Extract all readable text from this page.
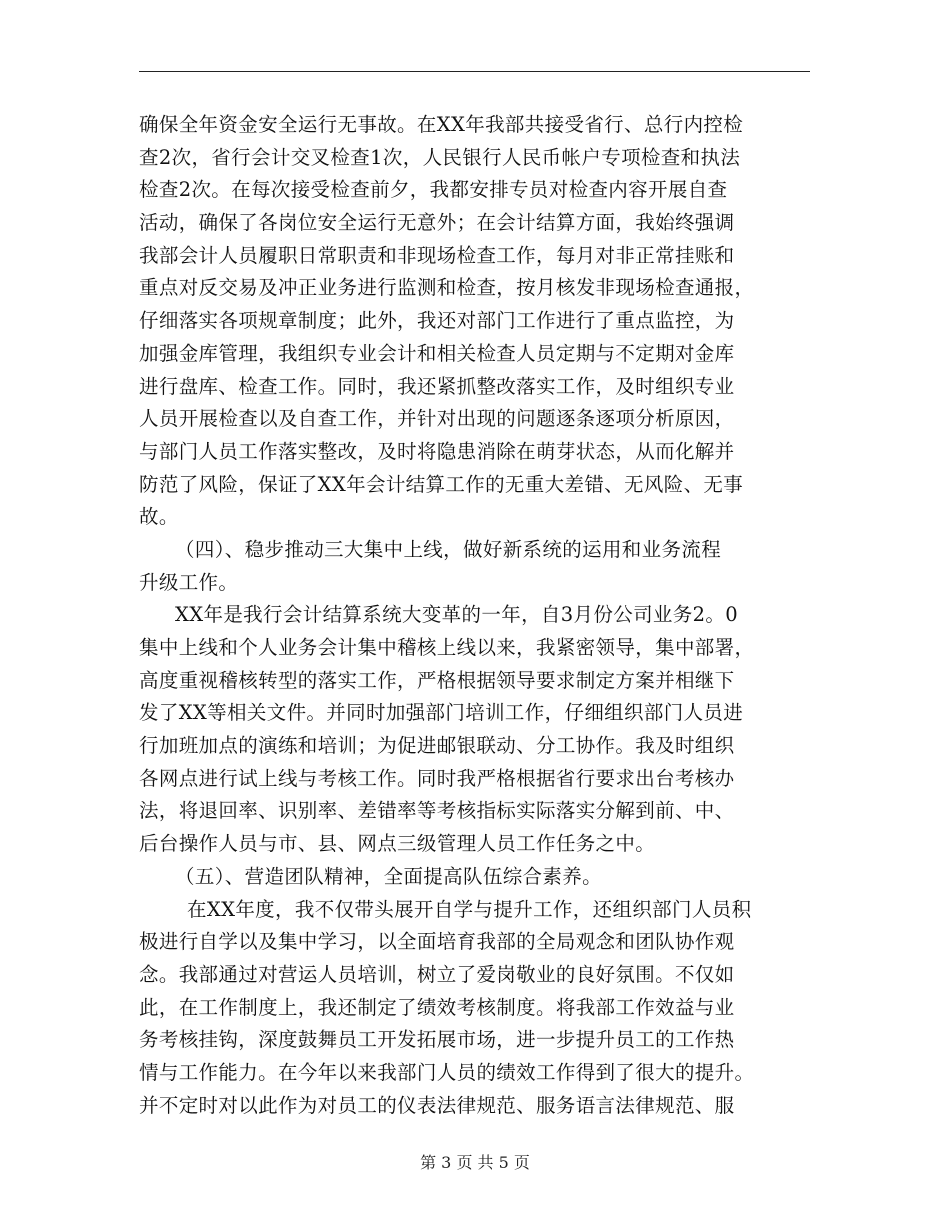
确保全年资金安全运行无事故。在XX年我部共接受省行、总行内控检
查2次，省行会计交叉检查1次，人民银行人民币帐户专项检查和执法
检查2次。在每次接受检查前夕，我都安排专员对检查内容开展自查
活动，确保了各岗位安全运行无意外；在会计结算方面，我始终强调
我部会计人员履职日常职责和非现场检查工作，每月对非正常挂账和
重点对反交易及冲正业务进行监测和检查，按月核发非现场检查通报，
仔细落实各项规章制度；此外，我还对部门工作进行了重点监控，为
加强金库管理，我组织专业会计和相关检查人员定期与不定期对金库
进行盘库、检查工作。同时，我还紧抓整改落实工作，及时组织专业
人员开展检查以及自查工作，并针对出现的问题逐条逐项分析原因，
与部门人员工作落实整改，及时将隐患消除在萌芽状态，从而化解并
防范了风险，保证了XX年会计结算工作的无重大差错、无风险、无事
故。
（四）、稳步推动三大集中上线，做好新系统的运用和业务流程
升级工作。
XX年是我行会计结算系统大变革的一年，自3月份公司业务2。0
集中上线和个人业务会计集中稽核上线以来，我紧密领导，集中部署，
高度重视稽核转型的落实工作，严格根据领导要求制定方案并相继下
发了XX等相关文件。并同时加强部门培训工作，仔细组织部门人员进
行加班加点的演练和培训；为促进邮银联动、分工协作。我及时组织
各网点进行试上线与考核工作。同时我严格根据省行要求出台考核办
法，将退回率、识别率、差错率等考核指标实际落实分解到前、中、
后台操作人员与市、县、网点三级管理人员工作任务之中。
（五）、营造团队精神，全面提高队伍综合素养。
在XX年度，我不仅带头展开自学与提升工作，还组织部门人员积
极进行自学以及集中学习，以全面培育我部的全局观念和团队协作观
念。我部通过对营运人员培训，树立了爱岗敬业的良好氛围。不仅如
此，在工作制度上，我还制定了绩效考核制度。将我部工作效益与业
务考核挂钩，深度鼓舞员工开发拓展市场，进一步提升员工的工作热
情与工作能力。在今年以来我部门人员的绩效工作得到了很大的提升。
并不定时对以此作为对员工的仪表法律规范、服务语言法律规范、服
第 3 页 共 5 页
